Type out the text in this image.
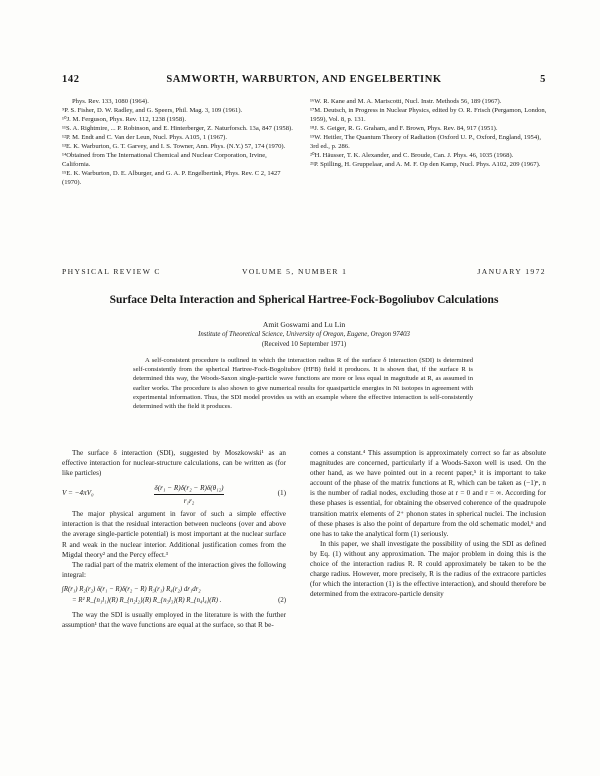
142	SAMWORTH, WARBURTON, AND ENGELBERTINK	5
Phys. Rev. 133, 1080 (1964).
⁹P. S. Fisher, D. W. Radley, and G. Speers, Phil. Mag. 3, 109 (1961).
¹⁰J. M. Ferguson, Phys. Rev. 112, 1238 (1958).
¹¹S. A. Rightmire, ... P. Robinson, and E. Hinterberger, Z. Naturforsch. 13a, 847 (1958).
¹²P. M. Endt and C. Van der Leun, Nucl. Phys. A105, 1 (1967).
¹³E. K. Warburton, G. T. Garvey, and I. S. Towner, Ann. Phys. (N.Y.) 57, 174 (1970).
¹⁴Obtained from The International Chemical and Nuclear Corporation, Irvine, California.
¹⁵E. K. Warburton, D. E. Alburger, and G. A. P. Engelbertink, Phys. Rev. C 2, 1427 (1970).
¹⁶W. R. Kane and M. A. Mariscotti, Nucl. Instr. Methods 56, 189 (1967).
¹⁷M. Deutsch, in Progress in Nuclear Physics, edited by O. R. Frisch (Pergamon, London, 1959), Vol. 8, p. 131.
¹⁸J. S. Geiger, R. G. Graham, and F. Brown, Phys. Rev. 84, 917 (1951).
¹⁹W. Heitler, The Quantum Theory of Radiation (Oxford U. P., Oxford, England, 1954), 3rd ed., p. 286.
²⁰H. Häusser, T. K. Alexander, and C. Broude, Can. J. Phys. 46, 1035 (1968).
²¹P. Spilling, H. Gruppelaar, and A. M. F. Op den Kamp, Nucl. Phys. A102, 209 (1967).
PHYSICAL REVIEW C	VOLUME 5, NUMBER 1	JANUARY 1972
Surface Delta Interaction and Spherical Hartree-Fock-Bogoliubov Calculations
Amit Goswami and Lu Lin
Institute of Theoretical Science, University of Oregon, Eugene, Oregon 97403
(Received 10 September 1971)
A self-consistent procedure is outlined in which the interaction radius R of the surface δ interaction (SDI) is determined self-consistently from the spherical Hartree-Fock-Bogoliubov (HFB) field it produces. It is shown that, if the surface R is determined this way, the Woods-Saxon single-particle wave functions are more or less equal in magnitude at R, as assumed in earlier works. The procedure is also shown to give numerical results for quasiparticle energies in Ni isotopes in agreement with experimental information. Thus, the SDI model provides us with an example where the effective interaction is self-consistently determined with the field it produces.

The surface δ interaction (SDI), suggested by Moszkowski¹ as an effective interaction for nuclear-structure calculations, can be written as (for like particles)

V = −4πV₀	$\frac{\text{δ(r₁ − R)δ(r₂ − R)δ(θ₁₂)}}{\text{r₁r₂}}$	(1)

The major physical argument in favor of such a simple effective interaction is that the residual interaction between nucleons (over and above the average single-particle potential) is most important at the nuclear surface R and weak in the nuclear interior. Additional justification comes from the Migdal theory² and the Percy effect.³

The radial part of the matrix element of the interaction gives the following integral:

∫R(r₁) R₂(r₂) δ(r₁ − R)δ(r₂ − R) R₃(r₁) R₄(r₂) dr₁dr₂
= R² R_{n₁l₁}(R) R_{n₂l₂}(R) R_{n₃l₃}(R) R_{n₄l₄}(R) .	(2)

The way the SDI is usually employed in the literature is with the further assumption¹ that the wave functions are equal at the surface, so that R be-

comes a constant.⁴ This assumption is approximately correct so far as absolute magnitudes are concerned, particularly if a Woods-Saxon well is used. On the other hand, as we have pointed out in a recent paper,⁵ it is important to take account of the phase of the matrix functions at R, which can be taken as (−1)ⁿ, n is the number of radial nodes, excluding those at r = 0 and r = ∞. According for these phases is essential, for obtaining the observed coherence of the quadrupole transition matrix elements of 2⁺ phonon states in spherical nuclei. The inclusion of these phases is also the point of departure from the old schematic model,⁶ and one has to take the analytical form (1) seriously.

In this paper, we shall investigate the possibility of using the SDI as defined by Eq. (1) without any approximation. The major problem in doing this is the choice of the interaction radius R. R could approximately be taken to be the charge radius. However, more precisely, R is the radius of the extracore particles (for which the interaction (1) is the effective interaction), and should therefore be determined from the extracore-particle density
